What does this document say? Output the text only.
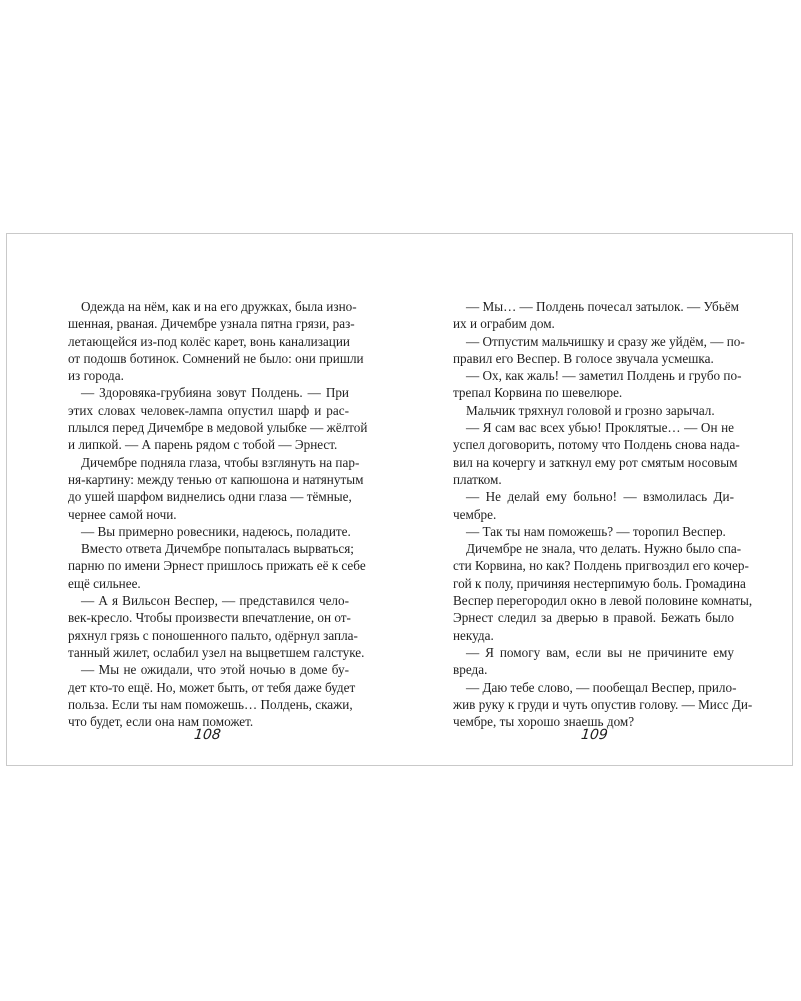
Одежда на нём, как и на его дружках, была изно-
шенная, рваная. Дичембре узнала пятна грязи, раз-
летающейся из-под колёс карет, вонь канализации
от подошв ботинок. Сомнений не было: они пришли
из города.
— Здоровяка-грубияна зовут Полдень. — При
этих словах человек-лампа опустил шарф и рас-
плылся перед Дичембре в медовой улыбке — жёлтой
и липкой. — А парень рядом с тобой — Эрнест.
Дичембре подняла глаза, чтобы взглянуть на пар-
ня-картину: между тенью от капюшона и натянутым
до ушей шарфом виднелись одни глаза — тёмные,
чернее самой ночи.
— Вы примерно ровесники, надеюсь, поладите.
Вместо ответа Дичембре попыталась вырваться;
парню по имени Эрнест пришлось прижать её к себе
ещё сильнее.
— А я Вильсон Веспер, — представился чело-
век-кресло. Чтобы произвести впечатление, он от-
ряхнул грязь с поношенного пальто, одёрнул запла-
танный жилет, ослабил узел на выцветшем галстуке.
— Мы не ожидали, что этой ночью в доме бу-
дет кто-то ещё. Но, может быть, от тебя даже будет
польза. Если ты нам поможешь… Полдень, скажи,
что будет, если она нам поможет.
— Мы… — Полдень почесал затылок. — Убьём
их и ограбим дом.
— Отпустим мальчишку и сразу же уйдём, — по-
правил его Веспер. В голосе звучала усмешка.
— Ох, как жаль! — заметил Полдень и грубо по-
трепал Корвина по шевелюре.
Мальчик тряхнул головой и грозно зарычал.
— Я сам вас всех убью! Проклятые… — Он не
успел договорить, потому что Полдень снова нада-
вил на кочергу и заткнул ему рот смятым носовым
платком.
— Не делай ему больно! — взмолилась Ди-
чембре.
— Так ты нам поможешь? — торопил Веспер.
Дичембре не знала, что делать. Нужно было спа-
сти Корвина, но как? Полдень пригвоздил его кочер-
гой к полу, причиняя нестерпимую боль. Громадина
Веспер перегородил окно в левой половине комнаты,
Эрнест следил за дверью в правой. Бежать было
некуда.
— Я помогу вам, если вы не причините ему
вреда.
— Даю тебе слово, — пообещал Веспер, прило-
жив руку к груди и чуть опустив голову. — Мисс Ди-
чембре, ты хорошо знаешь дом?
108	109
